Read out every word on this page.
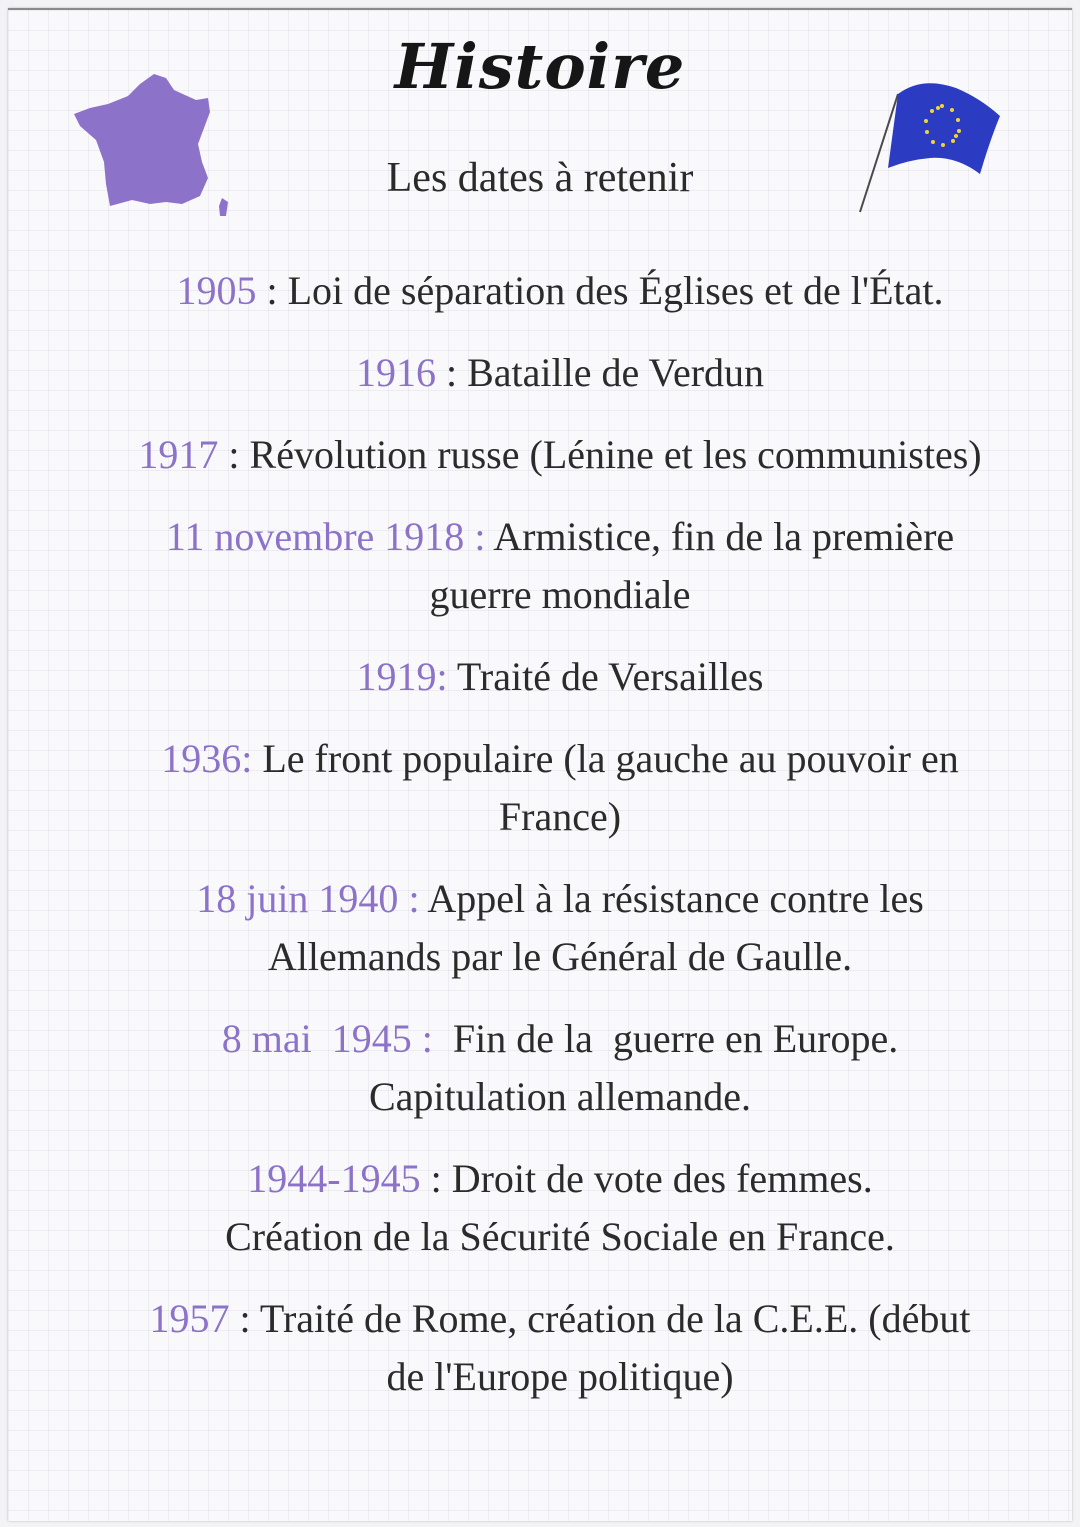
Histoire
Les dates à retenir
1905 : Loi de séparation des Églises et de l'État.
1916 : Bataille de Verdun
1917 : Révolution russe (Lénine et les communistes)
11 novembre 1918 : Armistice, fin de la première
guerre mondiale
1919: Traité de Versailles
1936: Le front populaire (la gauche au pouvoir en
France)
18 juin 1940 : Appel à la résistance contre les
Allemands par le Général de Gaulle.
8 mai  1945 :  Fin de la  guerre en Europe.
Capitulation allemande.
1944-1945 : Droit de vote des femmes.
Création de la Sécurité Sociale en France.
1957 : Traité de Rome, création de la C.E.E. (début
de l'Europe politique)
